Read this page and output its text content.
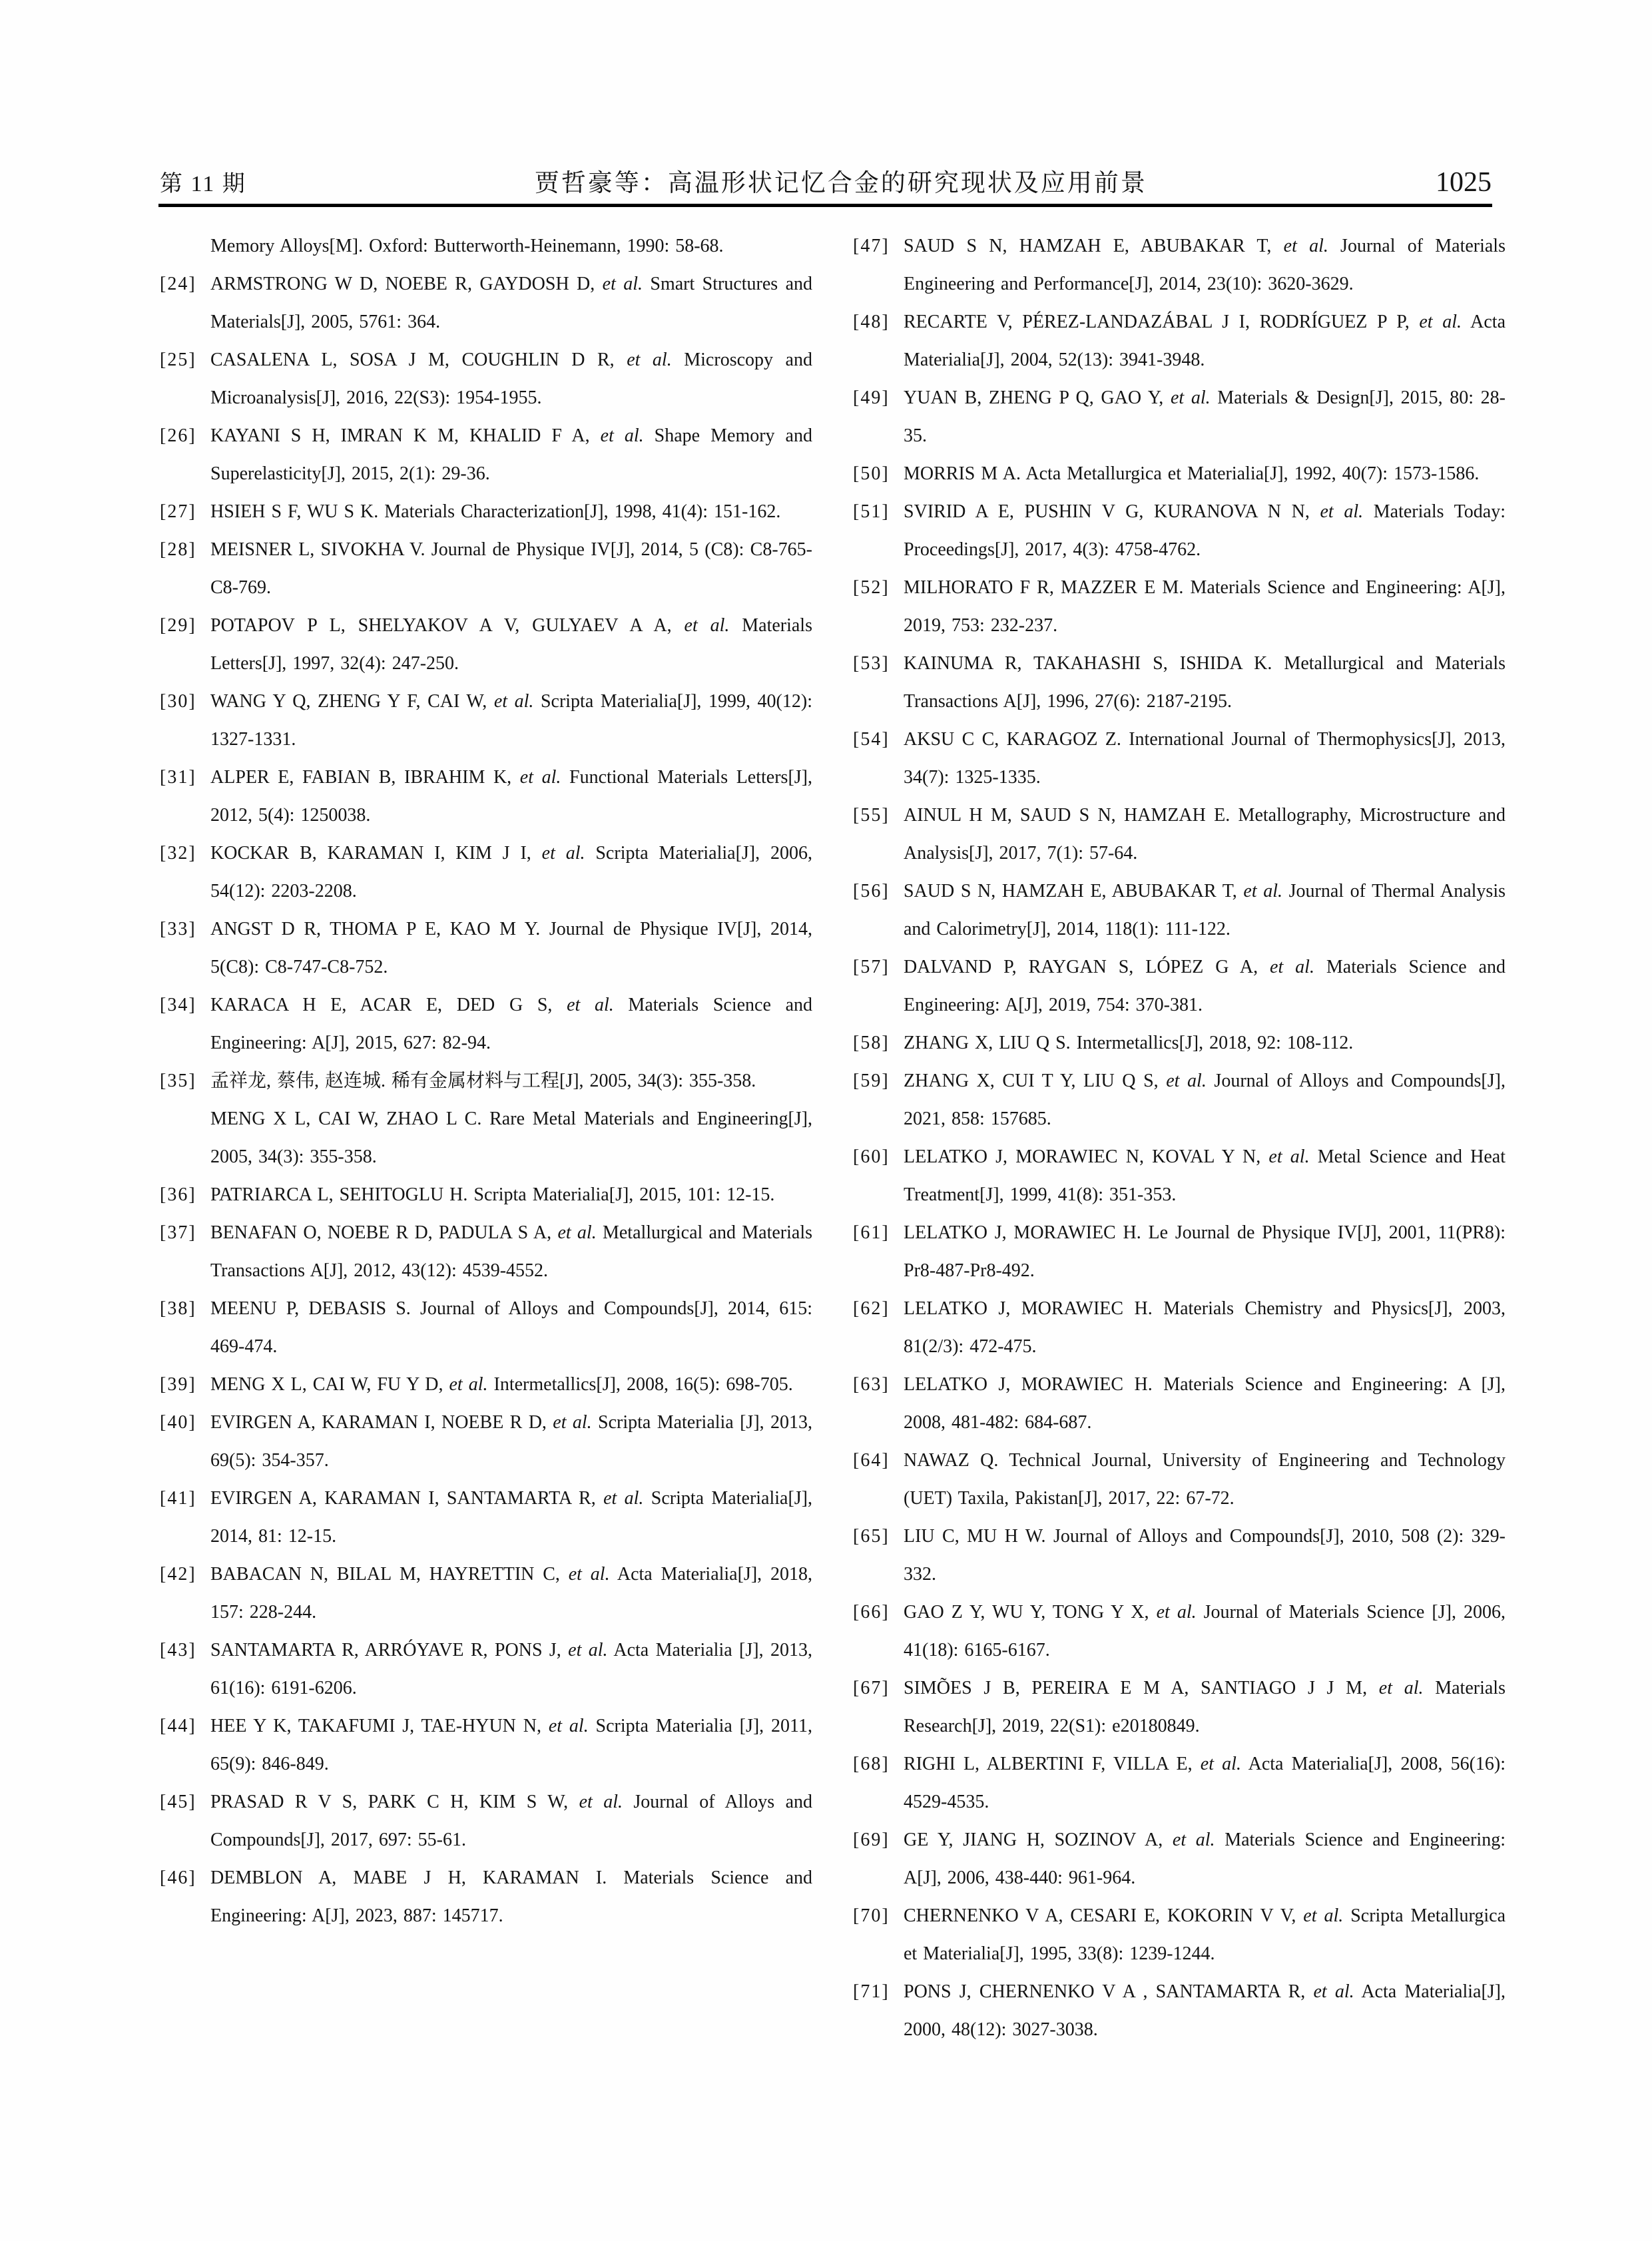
第 11 期	贾哲豪等：高温形状记忆合金的研究现状及应用前景	1025

Memory Alloys[M]. Oxford: Butterworth-Heinemann, 1990: 58-68.

[24] ARMSTRONG W D, NOEBE R, GAYDOSH D, et al. Smart Structures and Materials[J], 2005, 5761: 364.

[25] CASALENA L, SOSA J M, COUGHLIN D R, et al. Microscopy and Microanalysis[J], 2016, 22(S3): 1954-1955.

[26] KAYANI S H, IMRAN K M, KHALID F A, et al. Shape Memory and Superelasticity[J], 2015, 2(1): 29-36.

[27] HSIEH S F, WU S K. Materials Characterization[J], 1998, 41(4): 151-162.

[28] MEISNER L, SIVOKHA V. Journal de Physique IV[J], 2014, 5 (C8): C8-765-C8-769.

[29] POTAPOV P L, SHELYAKOV A V, GULYAEV A A, et al. Materials Letters[J], 1997, 32(4): 247-250.

[30] WANG Y Q, ZHENG Y F, CAI W, et al. Scripta Materialia[J], 1999, 40(12): 1327-1331.

[31] ALPER E, FABIAN B, IBRAHIM K, et al. Functional Materials Letters[J], 2012, 5(4): 1250038.

[32] KOCKAR B, KARAMAN I, KIM J I, et al. Scripta Materialia[J], 2006, 54(12): 2203-2208.

[33] ANGST D R, THOMA P E, KAO M Y. Journal de Physique IV[J], 2014, 5(C8): C8-747-C8-752.

[34] KARACA H E, ACAR E, DED G S, et al. Materials Science and Engineering: A[J], 2015, 627: 82-94.

[35] 孟祥龙, 蔡伟, 赵连城. 稀有金属材料与工程[J], 2005, 34(3): 355-358.

MENG X L, CAI W, ZHAO L C. Rare Metal Materials and Engineering[J], 2005, 34(3): 355-358.

[36] PATRIARCA L, SEHITOGLU H. Scripta Materialia[J], 2015, 101: 12-15.

[37] BENAFAN O, NOEBE R D, PADULA S A, et al. Metallurgical and Materials Transactions A[J], 2012, 43(12): 4539-4552.

[38] MEENU P, DEBASIS S. Journal of Alloys and Compounds[J], 2014, 615: 469-474.

[39] MENG X L, CAI W, FU Y D, et al. Intermetallics[J], 2008, 16(5): 698-705.

[40] EVIRGEN A, KARAMAN I, NOEBE R D, et al. Scripta Materialia [J], 2013, 69(5): 354-357.

[41] EVIRGEN A, KARAMAN I, SANTAMARTA R, et al. Scripta Materialia[J], 2014, 81: 12-15.

[42] BABACAN N, BILAL M, HAYRETTIN C, et al. Acta Materialia[J], 2018, 157: 228-244.

[43] SANTAMARTA R, ARRÓYAVE R, PONS J, et al. Acta Materialia [J], 2013, 61(16): 6191-6206.

[44] HEE Y K, TAKAFUMI J, TAE-HYUN N, et al. Scripta Materialia [J], 2011, 65(9): 846-849.

[45] PRASAD R V S, PARK C H, KIM S W, et al. Journal of Alloys and Compounds[J], 2017, 697: 55-61.

[46] DEMBLON A, MABE J H, KARAMAN I. Materials Science and Engineering: A[J], 2023, 887: 145717.

[47] SAUD S N, HAMZAH E, ABUBAKAR T, et al. Journal of Materials Engineering and Performance[J], 2014, 23(10): 3620-3629.

[48] RECARTE V, PÉREZ-LANDAZÁBAL J I, RODRÍGUEZ P P, et al. Acta Materialia[J], 2004, 52(13): 3941-3948.

[49] YUAN B, ZHENG P Q, GAO Y, et al. Materials & Design[J], 2015, 80: 28-35.

[50] MORRIS M A. Acta Metallurgica et Materialia[J], 1992, 40(7): 1573-1586.

[51] SVIRID A E, PUSHIN V G, KURANOVA N N, et al. Materials Today: Proceedings[J], 2017, 4(3): 4758-4762.

[52] MILHORATO F R, MAZZER E M. Materials Science and Engineering: A[J], 2019, 753: 232-237.

[53] KAINUMA R, TAKAHASHI S, ISHIDA K. Metallurgical and Materials Transactions A[J], 1996, 27(6): 2187-2195.

[54] AKSU C C, KARAGOZ Z. International Journal of Thermophysics[J], 2013, 34(7): 1325-1335.

[55] AINUL H M, SAUD S N, HAMZAH E. Metallography, Microstructure and Analysis[J], 2017, 7(1): 57-64.

[56] SAUD S N, HAMZAH E, ABUBAKAR T, et al. Journal of Thermal Analysis and Calorimetry[J], 2014, 118(1): 111-122.

[57] DALVAND P, RAYGAN S, LÓPEZ G A, et al. Materials Science and Engineering: A[J], 2019, 754: 370-381.

[58] ZHANG X, LIU Q S. Intermetallics[J], 2018, 92: 108-112.

[59] ZHANG X, CUI T Y, LIU Q S, et al. Journal of Alloys and Compounds[J], 2021, 858: 157685.

[60] LELATKO J, MORAWIEC N, KOVAL Y N, et al. Metal Science and Heat Treatment[J], 1999, 41(8): 351-353.

[61] LELATKO J, MORAWIEC H. Le Journal de Physique IV[J], 2001, 11(PR8): Pr8-487-Pr8-492.

[62] LELATKO J, MORAWIEC H. Materials Chemistry and Physics[J], 2003, 81(2/3): 472-475.

[63] LELATKO J, MORAWIEC H. Materials Science and Engineering: A [J], 2008, 481-482: 684-687.

[64] NAWAZ Q. Technical Journal, University of Engineering and Technology (UET) Taxila, Pakistan[J], 2017, 22: 67-72.

[65] LIU C, MU H W. Journal of Alloys and Compounds[J], 2010, 508 (2): 329-332.

[66] GAO Z Y, WU Y, TONG Y X, et al. Journal of Materials Science [J], 2006, 41(18): 6165-6167.

[67] SIMÕES J B, PEREIRA E M A, SANTIAGO J J M, et al. Materials Research[J], 2019, 22(S1): e20180849.

[68] RIGHI L, ALBERTINI F, VILLA E, et al. Acta Materialia[J], 2008, 56(16): 4529-4535.

[69] GE Y, JIANG H, SOZINOV A, et al. Materials Science and Engineering: A[J], 2006, 438-440: 961-964.

[70] CHERNENKO V A, CESARI E, KOKORIN V V, et al. Scripta Metallurgica et Materialia[J], 1995, 33(8): 1239-1244.

[71] PONS J, CHERNENKO V A , SANTAMARTA R, et al. Acta Materialia[J], 2000, 48(12): 3027-3038.
